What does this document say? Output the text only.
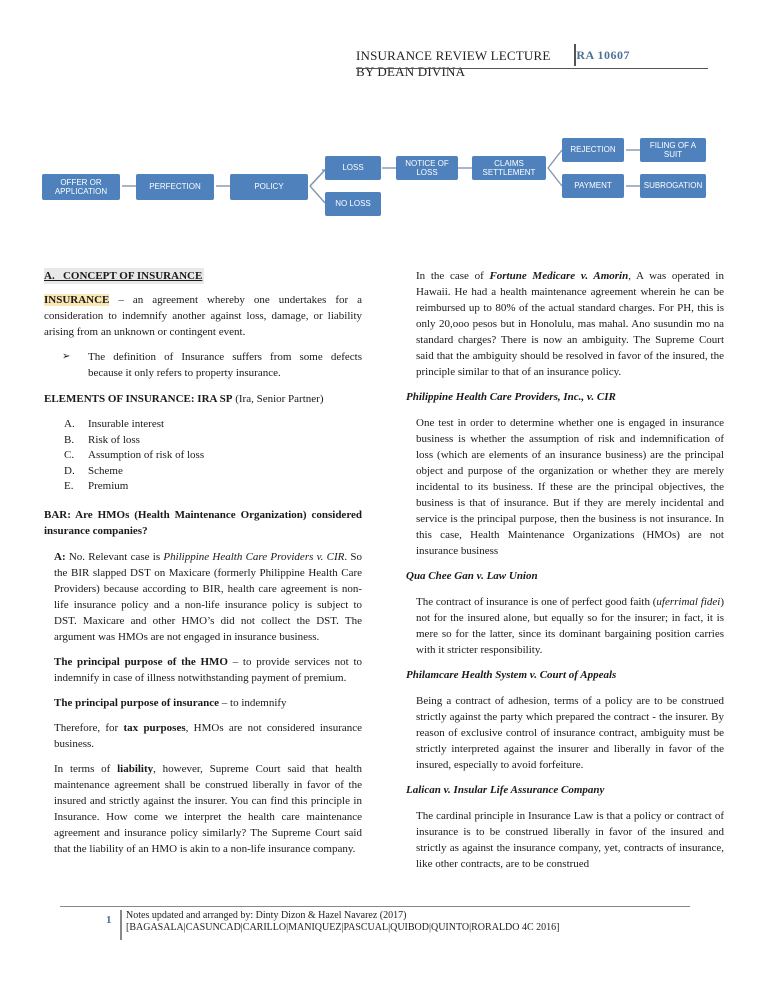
INSURANCE REVIEW LECTURE BY DEAN DIVINA
RA 10607
OFFER OR APPLICATION
PERFECTION	POLICY
LOSS
NO LOSS
NOTICE OF LOSS
CLAIMS SETTLEMENT
REJECTION
PAYMENT
FILING OF A SUIT
SUBROGATION
A.   CONCEPT OF INSURANCE

INSURANCE – an agreement whereby one undertakes for a consideration to indemnify another against loss, damage, or liability arising from an unknown or contingent event.

➢	The definition of Insurance suffers from some defects because it only refers to property insurance.

ELEMENTS OF INSURANCE: IRA SP (Ira, Senior Partner)

A.	Insurable interest
B.	Risk of loss
C.	Assumption of risk of loss
D.	Scheme
E.	Premium

BAR: Are HMOs (Health Maintenance Organization) considered insurance companies?

A: No. Relevant case is Philippine Health Care Providers v. CIR. So the BIR slapped DST on Maxicare (formerly Philippine Health Care Providers) because according to BIR, health care agreement is non-life insurance policy and a non-life insurance policy is subject to DST. Maxicare and other HMO’s did not collect the DST. The argument was HMOs are not engaged in insurance business.

The principal purpose of the HMO – to provide services not to indemnify in case of illness notwithstanding payment of premium.

The principal purpose of insurance – to indemnify

Therefore, for tax purposes, HMOs are not considered insurance business.

In terms of liability, however, Supreme Court said that health maintenance agreement shall be construed liberally in favor of the insured and strictly against the insurer. You can find this principle in Insurance. How come we interpret the health care maintenance agreement and insurance policy similarly? The Supreme Court said that the liability of an HMO is akin to a non-life insurance company.

In the case of Fortune Medicare v. Amorin, A was operated in Hawaii. He had a health maintenance agreement wherein he can be reimbursed up to 80% of the actual standard charges. For PH, this is only 20,ooo pesos but in Honolulu, mas mahal. Ano susundin mo na standard charges? There is now an ambiguity. The Supreme Court said that the ambiguity should be resolved in favor of the insured, the principle similar to that of an insurance policy.

Philippine Health Care Providers, Inc., v. CIR

One test in order to determine whether one is engaged in insurance business is whether the assumption of risk and indemnification of loss (which are elements of an insurance business) are the principal object and purpose of the organization or whether they are merely incidental to its business. If these are the principal objectives, the business is that of insurance. But if they are merely incidental and service is the principal purpose, then the business is not insurance. In this case, Health Maintenance Organizations (HMOs) are not insurance business

Qua Chee Gan v. Law Union

The contract of insurance is one of perfect good faith (uferrimal fidei) not for the insured alone, but equally so for the insurer; in fact, it is mere so for the latter, since its dominant bargaining position carries with it stricter responsibility.

Philamcare Health System v. Court of Appeals

Being a contract of adhesion, terms of a policy are to be construed strictly against the party which prepared the contract - the insurer. By reason of exclusive control of insurance contract, ambiguity must be strictly interpreted against the insurer and liberally in favor of the insured, especially to avoid forfeiture.

Lalican v. Insular Life Assurance Company

The cardinal principle in Insurance Law is that a policy or contract of insurance is to be construed liberally in favor of the insured and strictly as against the insurance company, yet, contracts of insurance, like other contracts, are to be construed

1 Notes updated and arranged by: Dinty Dizon & Hazel Navarez (2017)
[BAGASALA|CASUNCAD|CARILLO|MANIQUEZ|PASCUAL|QUIBOD|QUINTO|RORALDO 4C 2016]
